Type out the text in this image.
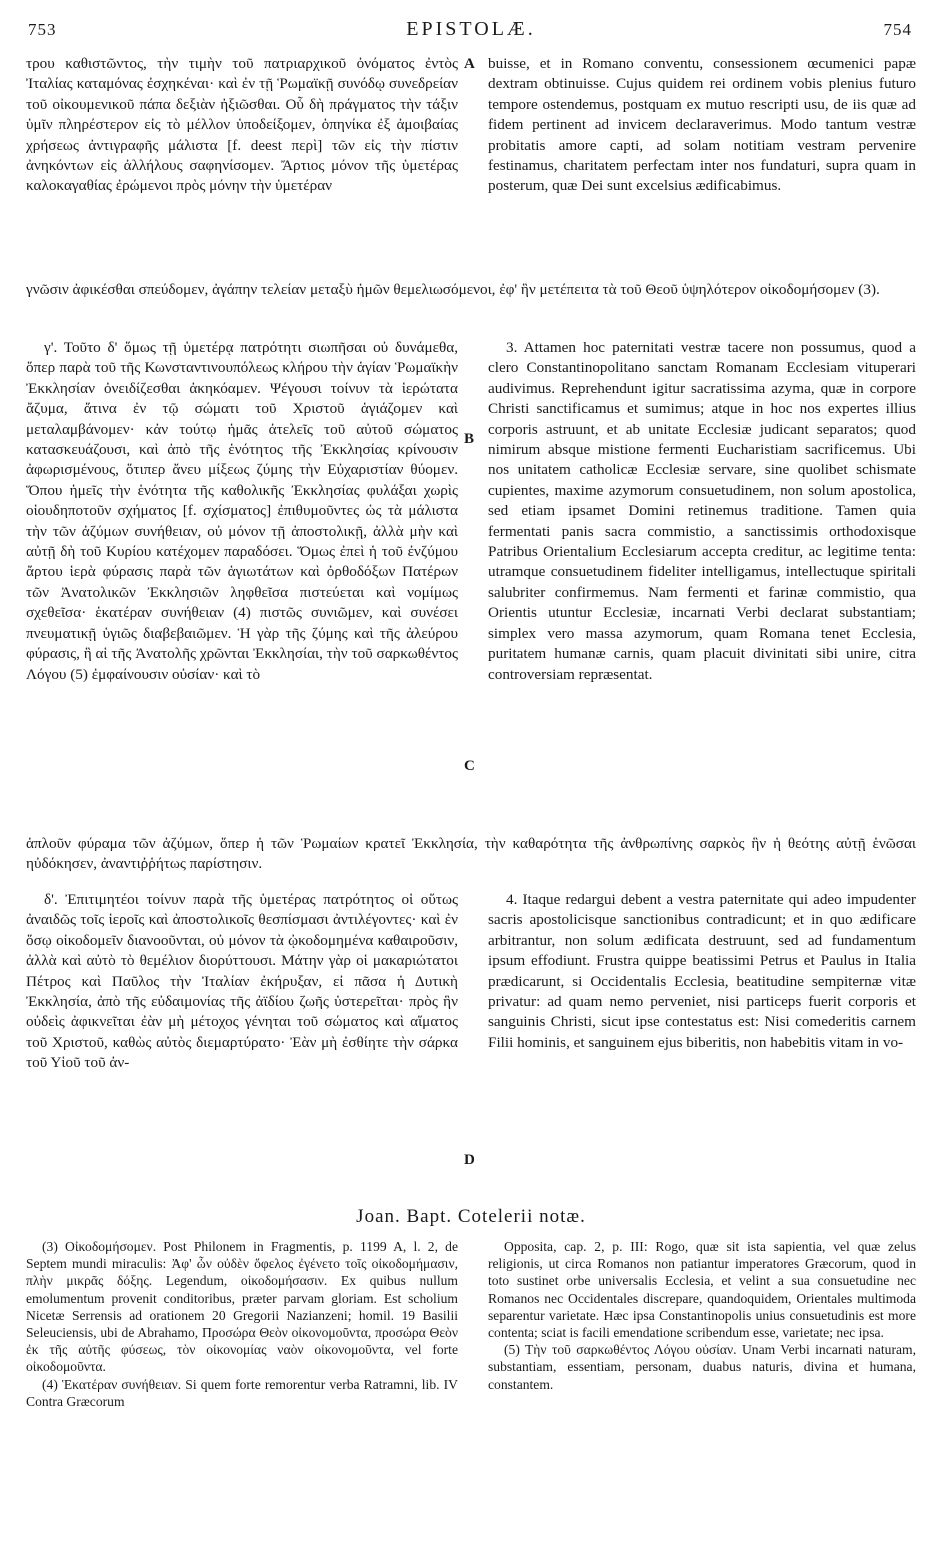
753	EPISTOLÆ.	754

τρου καθιστῶντος, τὴν τιμὴν τοῦ πατριαρχικοῦ ὀνόματος ἐντὸς Ἰταλίας καταμόνας ἐσχηκέναι· καὶ ἐν τῇ Ῥωμαϊκῇ συνόδῳ συνεδρείαν τοῦ οἰκουμενικοῦ πάπα δεξιὰν ἠξιῶσθαι. Οὗ δὴ πράγματος τὴν τάξιν ὑμῖν πληρέστερον εἰς τὸ μέλλον ὑποδείξομεν, ὁπηνίκα ἐξ ἀμοιβαίας χρήσεως ἀντιγραφῆς μάλιστα [f. deest περὶ] τῶν εἰς τὴν πίστιν ἀνηκόντων εἰς ἀλλήλους σαφηνίσομεν. Ἄρτιος μόνον τῆς ὑμετέρας καλοκαγαθίας ἐρώμενοι πρὸς μόνην τὴν ὑμετέραν

A buisse, et in Romano conventu, consessionem œcumenici papæ dextram obtinuisse. Cujus quidem rei ordinem vobis plenius futuro tempore ostendemus, postquam ex mutuo rescripti usu, de iis quæ ad fidem pertinent ad invicem declaraverimus. Modo tantum vestræ probitatis amore capti, ad solam notitiam vestram pervenire festinamus, charitatem perfectam inter nos fundaturi, supra quam in posterum, quæ Dei sunt excelsius ædificabimus.

γνῶσιν ἀφικέσθαι σπεύδομεν, ἀγάπην τελείαν μεταξὺ ἡμῶν θεμελιωσόμενοι, ἐφ' ἣν μετέπειτα τὰ τοῦ Θεοῦ ὑψηλότερον οἰκοδομήσομεν (3).

γ'. Τοῦτο δ' ὅμως τῇ ὑμετέρᾳ πατρότητι σιωπῆσαι οὐ δυνάμεθα, ὅπερ παρὰ τοῦ τῆς Κωνσταντινουπόλεως κλήρου τὴν ἁγίαν Ῥωμαϊκὴν Ἐκκλησίαν ὀνειδίζεσθαι ἀκηκόαμεν. Ψέγουσι τοίνυν τὰ ἱερώτατα ἄζυμα, ἅτινα ἐν τῷ σώματι τοῦ Χριστοῦ ἁγιάζομεν καὶ μεταλαμβάνομεν· κἀν τούτῳ ἡμᾶς ἀτελεῖς τοῦ αὐτοῦ σώματος κατασκευάζουσι, καὶ ἀπὸ τῆς ἑνότητος τῆς Ἐκκλησίας κρίνουσιν ἀφωρισμένους, ὅτιπερ ἄνευ μίξεως ζύμης τὴν Εὐχαριστίαν θύομεν. Ὅπου ἡμεῖς τὴν ἑνότητα τῆς καθολικῆς Ἐκκλησίας φυλάξαι χωρὶς οἱουδηποτοῦν σχήματος [f. σχίσματος] ἐπιθυμοῦντες ὡς τὰ μάλιστα τὴν τῶν ἀζύμων συνήθειαν, οὐ μόνον τῇ ἀποστολικῇ, ἀλλὰ μὴν καὶ αὐτῇ δὴ τοῦ Κυρίου κατέχομεν παραδόσει. Ὅμως ἐπεὶ ἡ τοῦ ἐνζύμου ἄρτου ἱερὰ φύρασις παρὰ τῶν ἁγιωτάτων καὶ ὀρθοδόξων Πατέρων τῶν Ἀνατολικῶν Ἐκκλησιῶν ληφθεῖσα πιστεύεται καὶ νομίμως σχεθεῖσα· ἑκατέραν συνήθειαν (4) πιστῶς συνιῶμεν, καὶ συνέσει πνευματικῇ ὑγιῶς διαβεβαιῶμεν. Ἡ γὰρ τῆς ζύμης καὶ τῆς ἀλεύρου φύρασις, ἣ αἱ τῆς Ἀνατολῆς χρῶνται Ἐκκλησίαι, τὴν τοῦ σαρκωθέντος Λόγου (5) ἐμφαίνουσιν οὐσίαν· καὶ τὸ

B
C

3. Attamen hoc paternitati vestræ tacere non possumus, quod a clero Constantinopolitano sanctam Romanam Ecclesiam vituperari audivimus. Reprehendunt igitur sacratissima azyma, quæ in corpore Christi sanctificamus et sumimus; atque in hoc nos expertes illius corporis astruunt, et ab unitate Ecclesiæ judicant separatos; quod nimirum absque mistione fermenti Eucharistiam sacrificemus. Ubi nos unitatem catholicæ Ecclesiæ servare, sine quolibet schismate cupientes, maxime azymorum consuetudinem, non solum apostolica, sed etiam ipsamet Domini retinemus traditione. Tamen quia fermentati panis sacra commistio, a sanctissimis orthodoxisque Patribus Orientalium Ecclesiarum accepta creditur, ac legitime tenta: utramque consuetudinem fideliter intelligamus, intellectuque spiritali salubriter confirmemus. Nam fermenti et farinæ commistio, qua Orientis utuntur Ecclesiæ, incarnati Verbi declarat substantiam; simplex vero massa azymorum, quam Romana tenet Ecclesia, puritatem humanæ carnis, quam placuit divinitati sibi unire, citra controversiam repræsentat.

ἁπλοῦν φύραμα τῶν ἀζύμων, ὅπερ ἡ τῶν Ῥωμαίων κρατεῖ Ἐκκλησία, τὴν καθαρότητα τῆς ἀνθρωπίνης σαρκὸς ἣν ἡ θεότης αὐτῇ ἑνῶσαι ηὐδόκησεν, ἀναντιῤῥήτως παρίστησιν.

δ'. Ἐπιτιμητέοι τοίνυν παρὰ τῆς ὑμετέρας πατρότητος οἱ οὕτως ἀναιδῶς τοῖς ἱεροῖς καὶ ἀποστολικοῖς θεσπίσμασι ἀντιλέγοντες· καὶ ἐν ὅσῳ οἰκοδομεῖν διανοοῦνται, οὐ μόνον τὰ ᾠκοδομημένα καθαιροῦσιν, ἀλλὰ καὶ αὐτὸ τὸ θεμέλιον διορύττουσι. Μάτην γὰρ οἱ μακαριώτατοι Πέτρος καὶ Παῦλος τὴν Ἰταλίαν ἐκήρυξαν, εἰ πᾶσα ἡ Δυτικὴ Ἐκκλησία, ἀπὸ τῆς εὐδαιμονίας τῆς ἀϊδίου ζωῆς ὑστερεῖται· πρὸς ἣν οὐδεὶς ἀφικνεῖται ἐὰν μὴ μέτοχος γένηται τοῦ σώματος καὶ αἵματος τοῦ Χριστοῦ, καθὼς αὐτὸς διεμαρτύρατο· Ἐὰν μὴ ἐσθίητε τὴν σάρκα τοῦ Υἱοῦ τοῦ ἀν-

D

4. Itaque redargui debent a vestra paternitate qui adeo impudenter sacris apostolicisque sanctionibus contradicunt; et in quo ædificare arbitrantur, non solum ædificata destruunt, sed ad fundamentum ipsum effodiunt. Frustra quippe beatissimi Petrus et Paulus in Italia prædicarunt, si Occidentalis Ecclesia, beatitudine sempiternæ vitæ privatur: ad quam nemo perveniet, nisi particeps fuerit corporis et sanguinis Christi, sicut ipse contestatus est: Nisi comederitis carnem Filii hominis, et sanguinem ejus biberitis, non habebitis vitam in vo-

Joan. Bapt. Cotelerii notæ.

(3) Οἰκοδομήσομεν. Post Philonem in Fragmentis, p. 1199 A, l. 2, de Septem mundi miraculis: Ἀφ' ὧν οὐδὲν ὄφελος ἐγένετο τοῖς οἰκοδομήμασιν, πλὴν μικρᾶς δόξης. Legendum, οἰκοδομήσασιν. Ex quibus nullum emolumentum provenit conditoribus, præter parvam gloriam. Est scholium Nicetæ Serrensis ad orationem 20 Gregorii Nazianzeni; homil. 19 Basilii Seleuciensis, ubi de Abrahamo, Προσώρα Θεὸν οἰκονομοῦντα, προσώρα Θεὸν ἐκ τῆς αὐτῆς φύσεως, τὸν οἰκονομίας ναὸν οἰκονομοῦντα, vel forte οἰκοδομοῦντα.

(4) Ἑκατέραν συνήθειαν. Si quem forte remorentur verba Ratramni, lib. IV Contra Græcorum

Opposita, cap. 2, p. III: Rogo, quæ sit ista sapientia, vel quæ zelus religionis, ut circa Romanos non patiantur imperatores Græcorum, quod in toto sustinet orbe universalis Ecclesia, et velint a sua consuetudine nec Romanos nec Occidentales discrepare, quandoquidem, Orientales multimoda separentur varietate. Hæc ipsa Constantinopolis unius consuetudinis est more contenta; sciat is facili emendatione scribendum esse, varietate; nec ipsa.

(5) Τὴν τοῦ σαρκωθέντος Λόγου οὐσίαν. Unam Verbi incarnati naturam, substantiam, essentiam, personam, duabus naturis, divina et humana, constantem.
